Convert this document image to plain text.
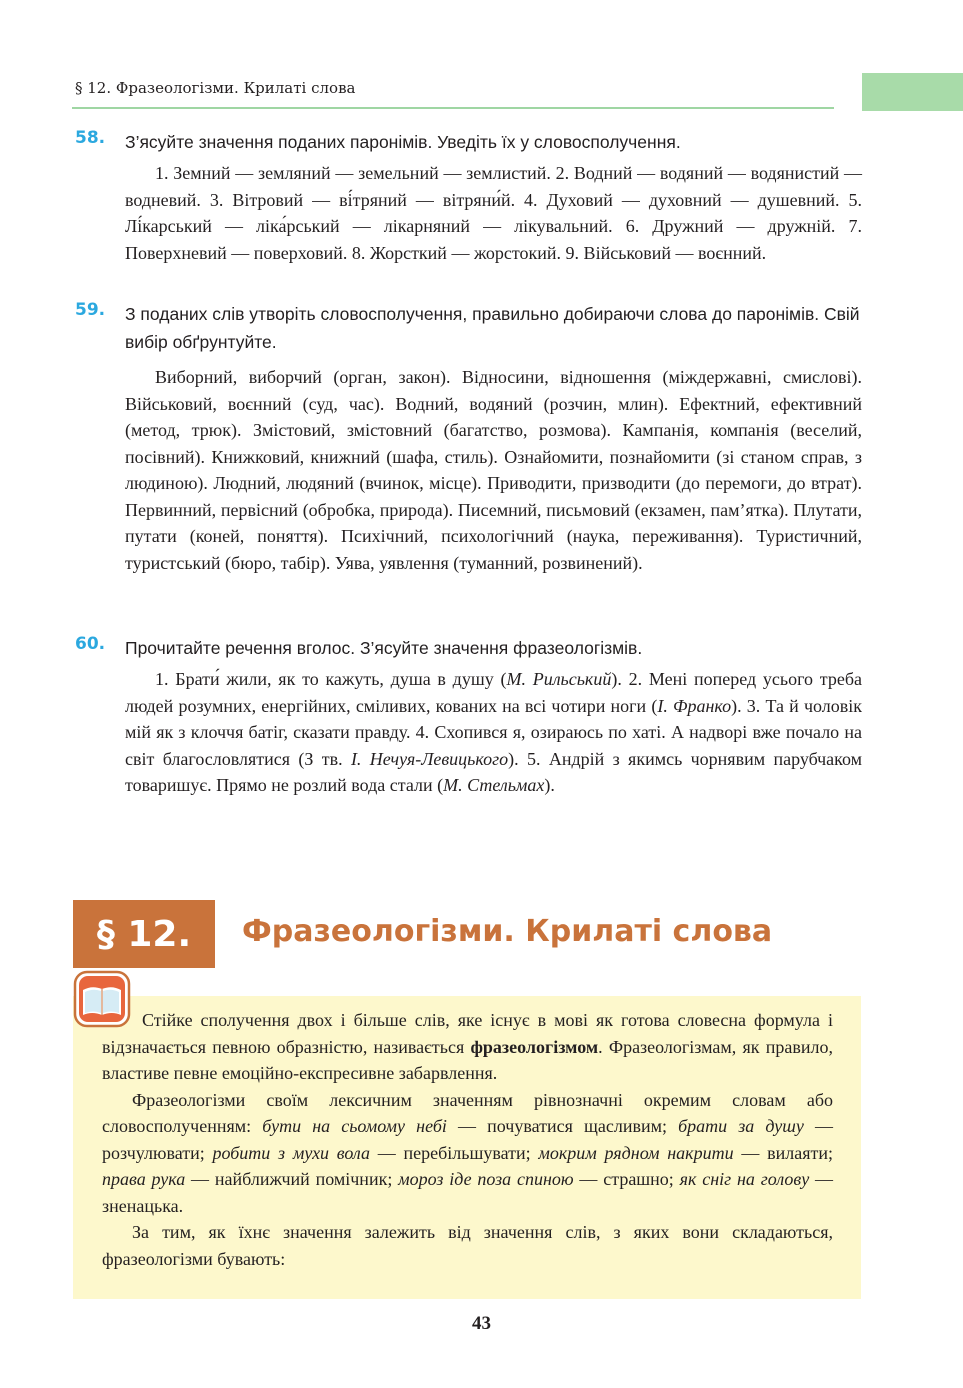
§ 12. Фразеологізми. Крилаті слова
58. З’ясуйте значення поданих паронімів. Уведіть їх у словосполучення.
1. Земний — земляний — земельний — землистий. 2. Водний — водяний — водянистий — водневий. 3. Вітровий — ві́тряний — вітряни́й. 4. Духовий — духовний — душевний. 5. Лі́карський — ліка́рський — лікарняний — лікувальний. 6. Дружний — дружній. 7. Поверхневий — поверховий. 8. Жорсткий — жорстокий. 9. Військовий — воєнний.
59. З поданих слів утворіть словосполучення, правильно добираючи слова до паронімів. Свій вибір обґрунтуйте.
Виборний, виборчий (орган, закон). Відносини, відношення (міждержавні, смислові). Військовий, воєнний (суд, час). Водний, водяний (розчин, млин). Ефектний, ефективний (метод, трюк). Змістовий, змістовний (багатство, розмова). Кампанія, компанія (веселий, посівний). Книжковий, книжний (шафа, стиль). Ознайомити, познайомити (зі станом справ, з людиною). Людний, людяний (вчинок, місце). Приводити, призводити (до перемоги, до втрат). Первинний, первісний (обробка, природа). Писемний, письмовий (екзамен, пам’ятка). Плутати, путати (коней, поняття). Психічний, психологічний (наука, переживання). Туристичний, туристський (бюро, табір). Уява, уявлення (туманний, розвинений).
60. Прочитайте речення вголос. З’ясуйте значення фразеологізмів.
1. Брати́ жили, як то кажуть, душа в душу (М. Рильський). 2. Мені поперед усього треба людей розумних, енергійних, сміливих, кованих на всі чотири ноги (І. Франко). 3. Та й чоловік мій як з клоччя батіг, сказати правду. 4. Схопився я, озираюсь по хаті. А надворі вже почало на світ благословлятися (З тв. І. Нечуя-Левицького). 5. Андрій з якимсь чорнявим парубчаком товаришує. Прямо не розлий вода стали (М. Стельмах).
§ 12.	Фразеологізми. Крилаті слова

Стійке сполучення двох і більше слів, яке існує в мові як готова словесна формула і відзначається певною образністю, називається фразеологізмом. Фразеологізмам, як правило, властиве певне емоційно-експресивне забарвлення.

Фразеологізми своїм лексичним значенням рівнозначні окремим словам або словосполученням: бути на сьомому небі — почуватися щасливим; брати за душу — розчулювати; робити з мухи вола — перебільшувати; мокрим рядном накрити — вилаяти; права рука — найближчий помічник; мороз іде поза спиною — страшно; як сніг на голову — зненацька.

За тим, як їхнє значення залежить від значення слів, з яких вони складаються, фразеологізми бувають:

43
